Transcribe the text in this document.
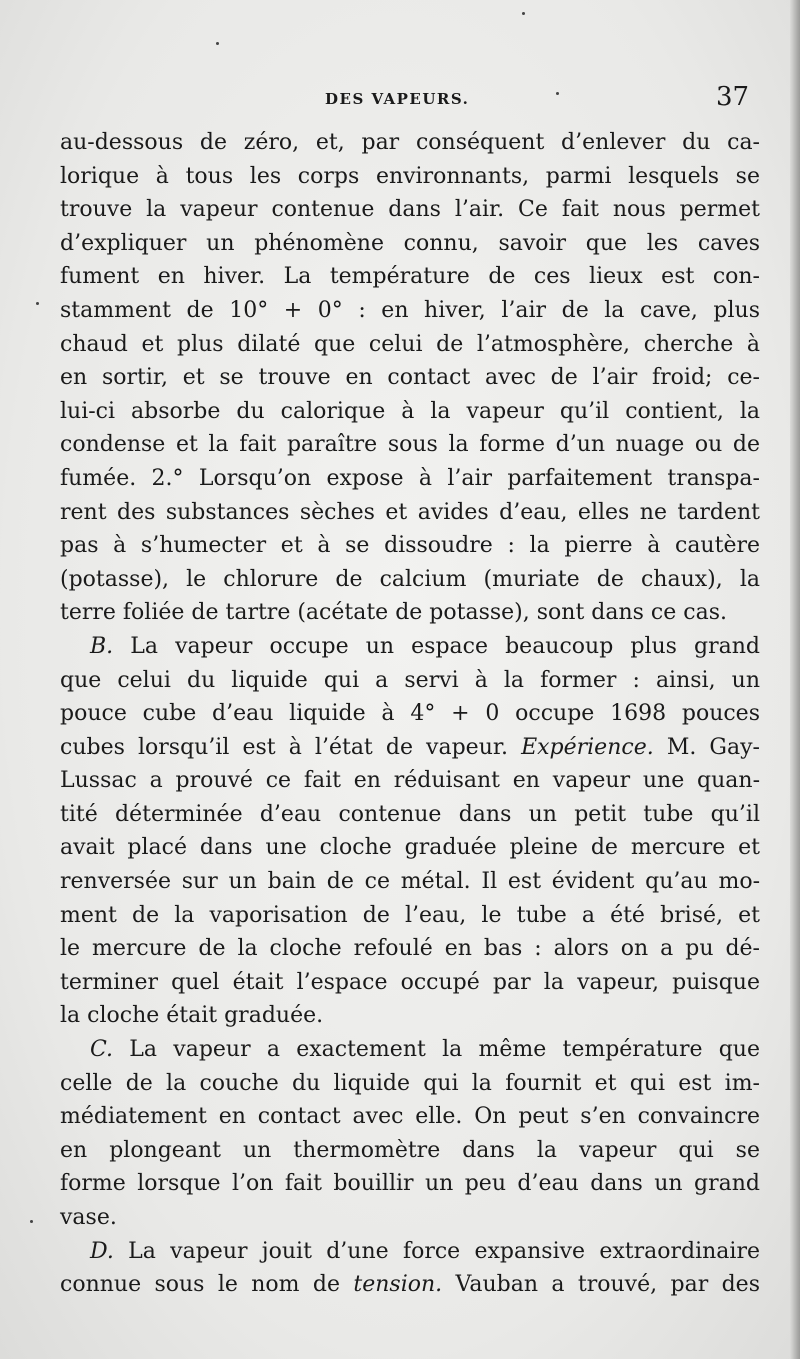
DES VAPEURS.	37
au-dessous de zéro, et, par conséquent d’enlever du ca-
lorique à tous les corps environnants, parmi lesquels se
trouve la vapeur contenue dans l’air. Ce fait nous permet
d’expliquer un phénomène connu, savoir que les caves
fument en hiver. La température de ces lieux est con-
stamment de 10° + 0° : en hiver, l’air de la cave, plus
chaud et plus dilaté que celui de l’atmosphère, cherche à
en sortir, et se trouve en contact avec de l’air froid; ce-
lui-ci absorbe du calorique à la vapeur qu’il contient, la
condense et la fait paraître sous la forme d’un nuage ou de
fumée. 2.° Lorsqu’on expose à l’air parfaitement transpa-
rent des substances sèches et avides d’eau, elles ne tardent
pas à s’humecter et à se dissoudre : la pierre à cautère
(potasse), le chlorure de calcium (muriate de chaux), la
terre foliée de tartre (acétate de potasse), sont dans ce cas.
B. La vapeur occupe un espace beaucoup plus grand
que celui du liquide qui a servi à la former : ainsi, un
pouce cube d’eau liquide à 4° + 0 occupe 1698 pouces
cubes lorsqu’il est à l’état de vapeur. Expérience. M. Gay-
Lussac a prouvé ce fait en réduisant en vapeur une quan-
tité déterminée d’eau contenue dans un petit tube qu’il
avait placé dans une cloche graduée pleine de mercure et
renversée sur un bain de ce métal. Il est évident qu’au mo-
ment de la vaporisation de l’eau, le tube a été brisé, et
le mercure de la cloche refoulé en bas : alors on a pu dé-
terminer quel était l’espace occupé par la vapeur, puisque
la cloche était graduée.
C. La vapeur a exactement la même température que
celle de la couche du liquide qui la fournit et qui est im-
médiatement en contact avec elle. On peut s’en convaincre
en plongeant un thermomètre dans la vapeur qui se
forme lorsque l’on fait bouillir un peu d’eau dans un grand
vase.
D. La vapeur jouit d’une force expansive extraordinaire
connue sous le nom de tension. Vauban a trouvé, par des
